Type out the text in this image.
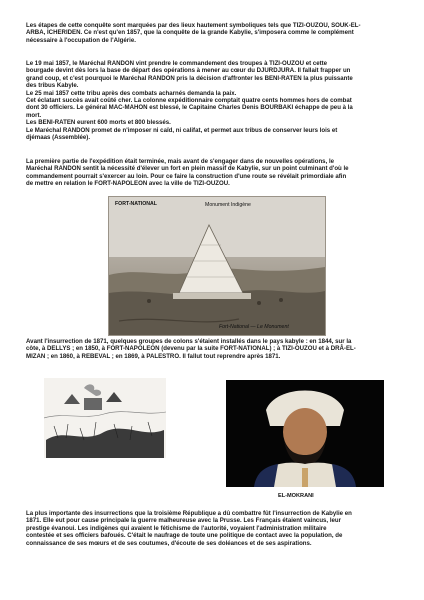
Les étapes de cette conquête sont marquées par des lieux hautement symboliques tels que TIZI-OUZOU, SOUK-EL-
ARBA, ICHERIDEN. Ce n'est qu'en 1857, que la conquête de la grande Kabylie, s'imposera comme le complément
nécessaire à l'occupation de l'Algérie.

Le 19 mai 1857, le Maréchal RANDON vint prendre le commandement des troupes à TIZI-OUZOU et cette
bourgade devint dès lors la base de départ des opérations à mener au cœur du DJURDJURA. Il fallait frapper un
grand coup, et c'est pourquoi le Maréchal RANDON pris la décision d'affronter les BENI-RATEN la plus puissante
des tribus Kabyle.
Le 25 mai 1857 cette tribu après des combats acharnés demanda la paix.
Cet éclatant succès avait coûté cher. La colonne expéditionnaire comptait quatre cents hommes hors de combat
dont 30 officiers. Le général MAC-MAHON est blessé, le Capitaine Charles Denis BOURBAKI échappe de peu à la
mort.
Les BENI-RATEN eurent 600 morts et 800 blessés.
Le Maréchal RANDON promet de n'imposer ni caïd, ni califat, et permet aux tribus de conserver leurs lois et
djémaas (Assemblée).

La première partie de l'expédition était terminée, mais avant de s'engager dans de nouvelles opérations, le
Maréchal RANDON sentit la nécessité d'élever un fort en plein massif de Kabylie, sur un point culminant d'où le
commandement pourrait s'exercer au loin. Pour ce faire la construction d'une route se révélait primordiale afin
de mettre en relation le FORT-NAPOLEON avec la ville de TIZI-OUZOU.

FORT-NATIONAL	Monument Indigène
Fort-National — Le Monument

Avant l'insurrection de 1871, quelques groupes de colons s'étaient installés dans le pays kabyle : en 1844, sur la
côte, à DELLYS ; en 1850, à FORT-NAPOLEON (devenu par la suite FORT-NATIONAL) ; à TIZI-OUZOU et à DRÂ-EL-
MIZAN ; en 1860, à REBEVAL ; en 1869, à PALESTRO. Il fallut tout reprendre après 1871.

EL-MOKRANI

La plus importante des insurrections que la troisième République a dû combattre fût l'insurrection de Kabylie en
1871. Elle eut pour cause principale la guerre malheureuse avec la Prusse. Les Français étaient vaincus, leur
prestige évanoui. Les indigènes qui avaient le fétichisme de l'autorité, voyaient l'administration militaire
contestée et ses officiers bafoués. C'était le naufrage de toute une politique de contact avec la population, de
connaissance de ses mœurs et de ses coutumes, d'écoute de ses doléances et de ses aspirations.
